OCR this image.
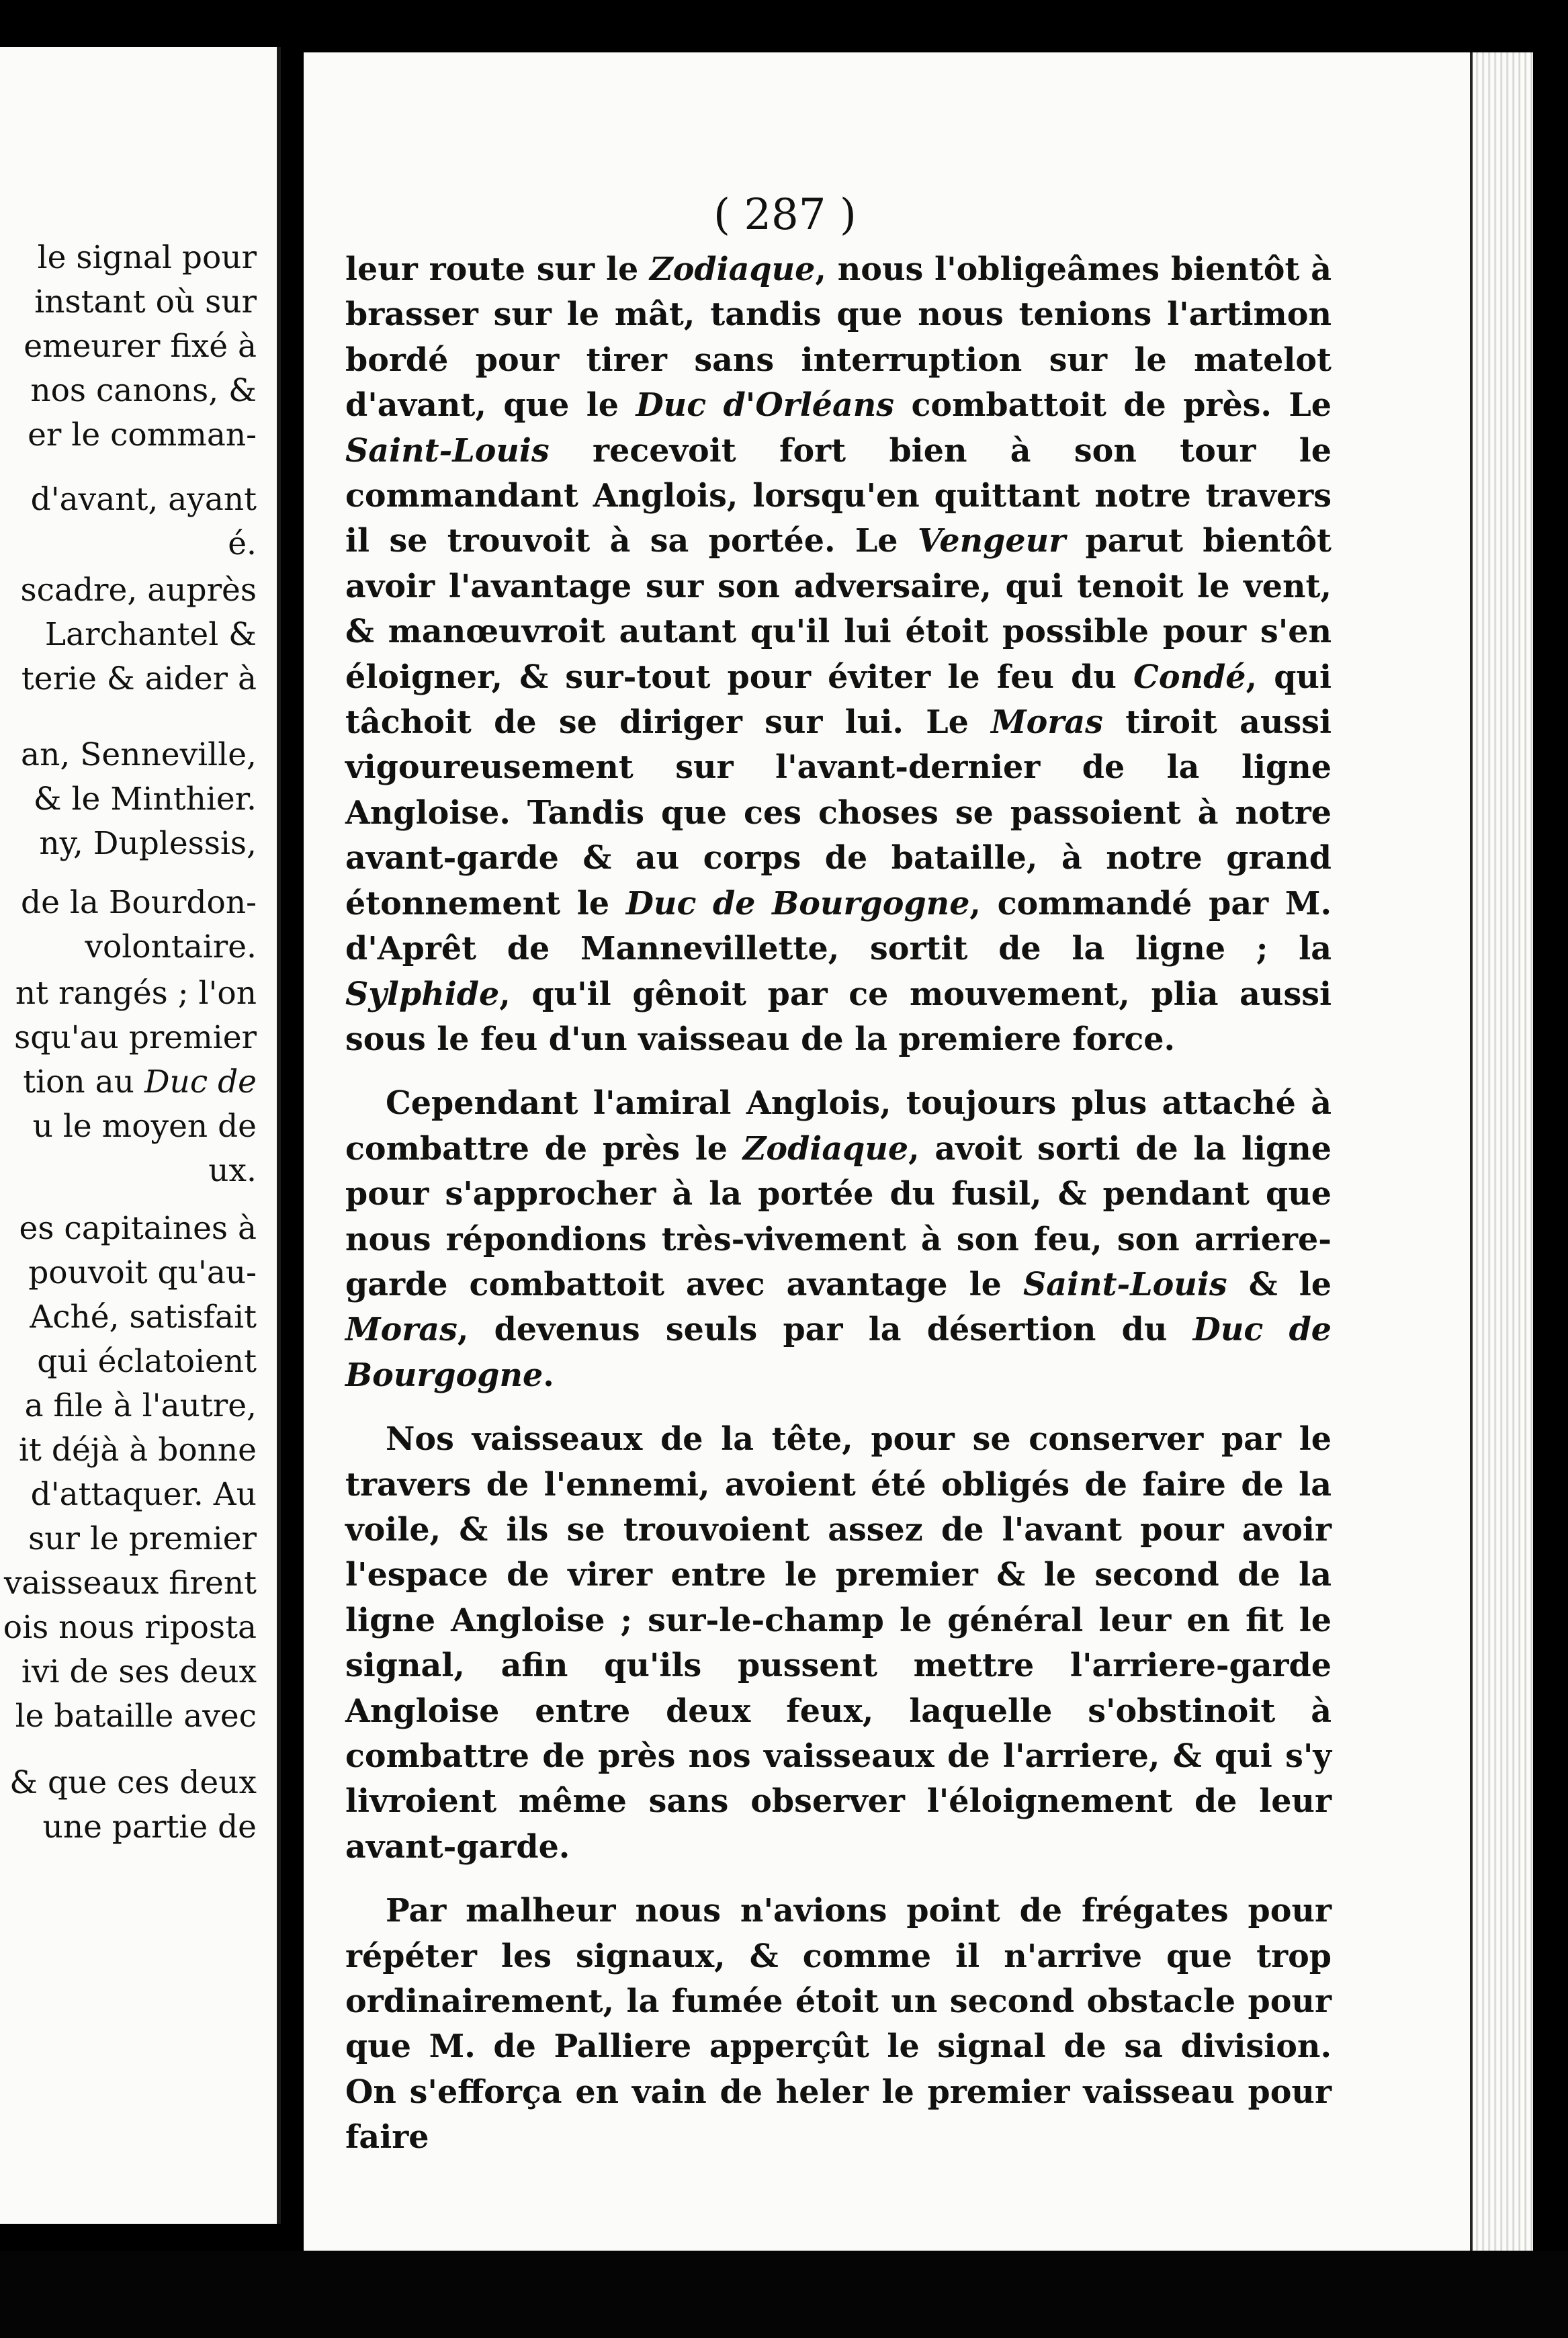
le signal pour
instant où sur
emeurer fixé à
nos canons, &
er le comman-
d'avant, ayant
é.
scadre, auprès
Larchantel &
terie & aider à
an, Senneville,
& le Minthier.
ny, Duplessis,
de la Bourdon-
volontaire.
nt rangés ; l'on
squ'au premier
tion au Duc de
u le moyen de
ux.
es capitaines à
pouvoit qu'au-
Aché, satisfait
qui éclatoient
a file à l'autre,
it déjà à bonne
d'attaquer. Au
sur le premier
vaisseaux firent
ois nous riposta
ivi de ses deux
le bataille avec
& que ces deux
une partie de
( 287 )

leur route sur le Zodiaque, nous l'obligeâmes bientôt à brasser sur le mât, tandis que nous tenions l'artimon bordé pour tirer sans interruption sur le matelot d'avant, que le Duc d'Orléans combattoit de près. Le Saint-Louis recevoit fort bien à son tour le commandant Anglois, lorsqu'en quittant notre travers il se trouvoit à sa portée. Le Vengeur parut bientôt avoir l'avantage sur son adversaire, qui tenoit le vent, & manœuvroit autant qu'il lui étoit possible pour s'en éloigner, & sur-tout pour éviter le feu du Condé, qui tâchoit de se diriger sur lui. Le Moras tiroit aussi vigoureusement sur l'avant-dernier de la ligne Angloise. Tandis que ces choses se passoient à notre avant-garde & au corps de bataille, à notre grand étonnement le Duc de Bourgogne, commandé par M. d'Aprêt de Mannevillette, sortit de la ligne ; la Sylphide, qu'il gênoit par ce mouvement, plia aussi sous le feu d'un vaisseau de la premiere force.

Cependant l'amiral Anglois, toujours plus attaché à combattre de près le Zodiaque, avoit sorti de la ligne pour s'approcher à la portée du fusil, & pendant que nous répondions très-vivement à son feu, son arriere-garde combattoit avec avantage le Saint-Louis & le Moras, devenus seuls par la désertion du Duc de Bourgogne.

Nos vaisseaux de la tête, pour se conserver par le travers de l'ennemi, avoient été obligés de faire de la voile, & ils se trouvoient assez de l'avant pour avoir l'espace de virer entre le premier & le second de la ligne Angloise ; sur-le-champ le général leur en fit le signal, afin qu'ils pussent mettre l'arriere-garde Angloise entre deux feux, laquelle s'obstinoit à combattre de près nos vaisseaux de l'arriere, & qui s'y livroient même sans observer l'éloignement de leur avant-garde.

Par malheur nous n'avions point de frégates pour répéter les signaux, & comme il n'arrive que trop ordinairement, la fumée étoit un second obstacle pour que M. de Palliere apperçût le signal de sa division. On s'efforça en vain de heler le premier vaisseau pour faire
